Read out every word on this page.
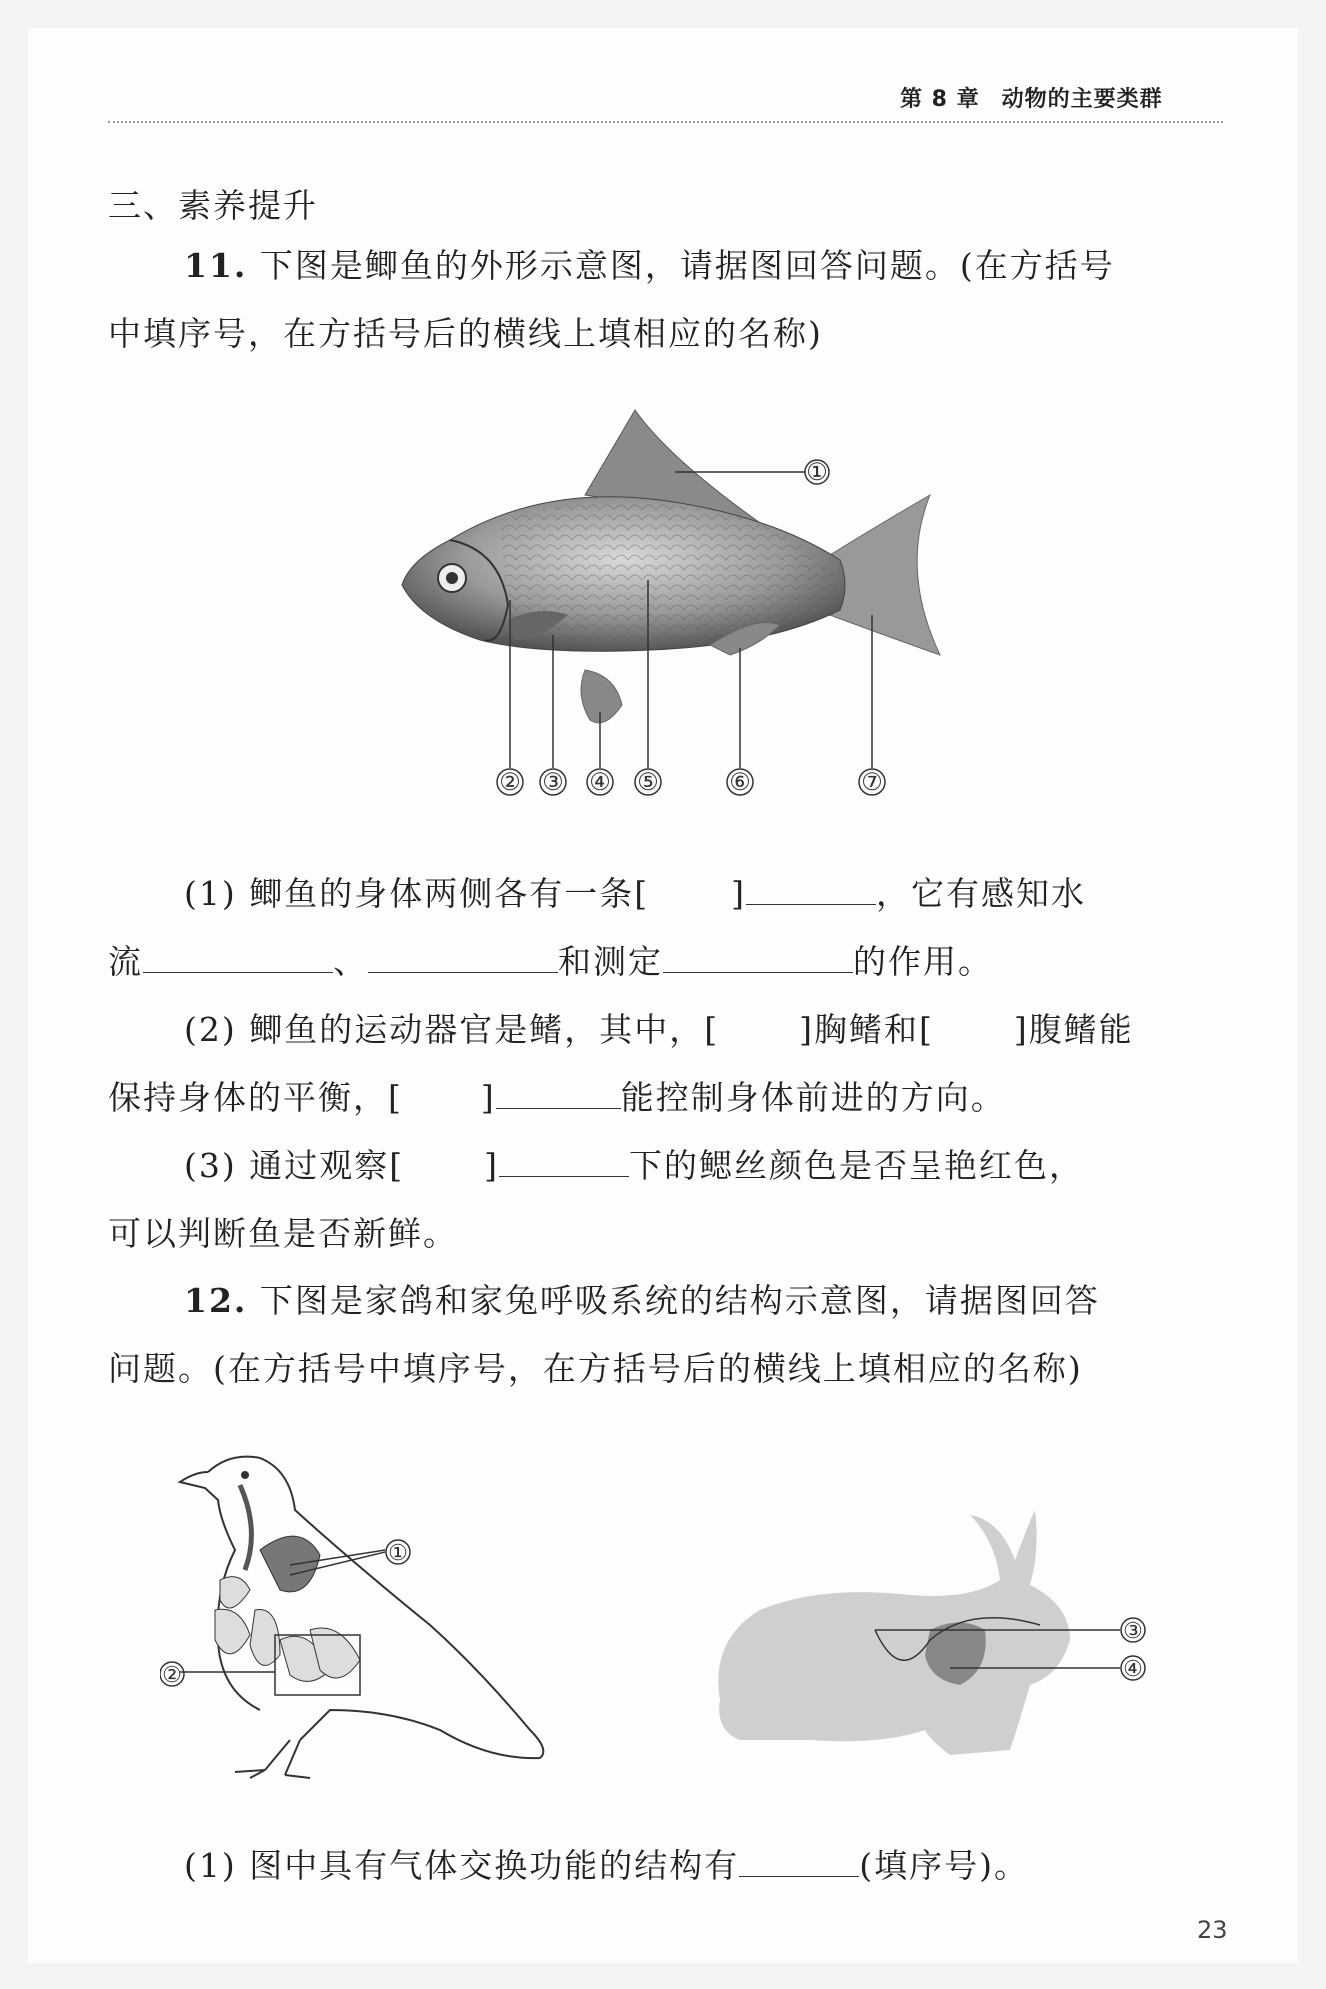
第 8 章 动物的主要类群
三、素养提升
11. 下图是鲫鱼的外形示意图，请据图回答问题。(在方括号
中填序号，在方括号后的横线上填相应的名称)
①
② ③ ④ ⑤	⑥	⑦
(1) 鲫鱼的身体两侧各有一条[ ]	，它有感知水
流	、	和测定	的作用。
(2) 鲫鱼的运动器官是鳍，其中，[ ]胸鳍和[ ]腹鳍能
保持身体的平衡，[ ]	能控制身体前进的方向。
(3) 通过观察[ ]	下的鳃丝颜色是否呈艳红色，
可以判断鱼是否新鲜。
12. 下图是家鸽和家兔呼吸系统的结构示意图，请据图回答
问题。(在方括号中填序号，在方括号后的横线上填相应的名称)
①
②
③
④
(1) 图中具有气体交换功能的结构有	(填序号)。
23
